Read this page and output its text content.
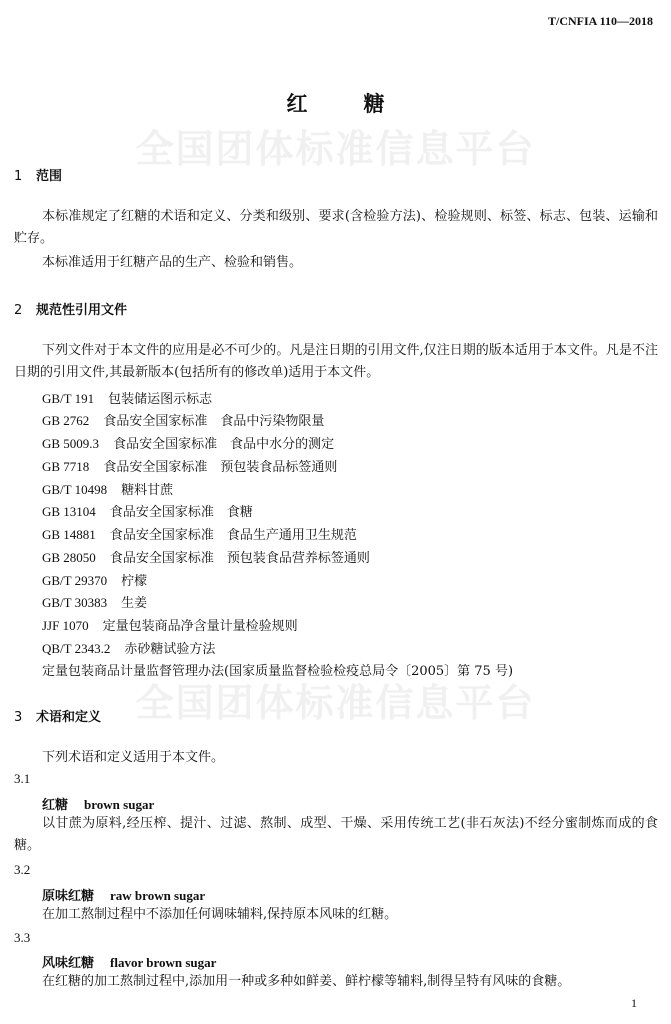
T/CNFIA 110—2018
全国团体标准信息平台
全国团体标准信息平台
红糖
1 范围
本标准规定了红糖的术语和定义、分类和级别、要求(含检验方法)、检验规则、标签、标志、包装、运输和贮存。
本标准适用于红糖产品的生产、检验和销售。
2 规范性引用文件
下列文件对于本文件的应用是必不可少的。凡是注日期的引用文件,仅注日期的版本适用于本文件。凡是不注日期的引用文件,其最新版本(包括所有的修改单)适用于本文件。
GB/T 191 包装储运图示标志
GB 2762 食品安全国家标准　食品中污染物限量
GB 5009.3 食品安全国家标准　食品中水分的测定
GB 7718 食品安全国家标准　预包装食品标签通则
GB/T 10498 糖料甘蔗
GB 13104 食品安全国家标准　食糖
GB 14881 食品安全国家标准　食品生产通用卫生规范
GB 28050 食品安全国家标准　预包装食品营养标签通则
GB/T 29370 柠檬
GB/T 30383 生姜
JJF 1070 定量包装商品净含量计量检验规则
QB/T 2343.2 赤砂糖试验方法
定量包装商品计量监督管理办法(国家质量监督检验检疫总局令〔2005〕第 75 号)
3 术语和定义
下列术语和定义适用于本文件。
3.1
红糖 brown sugar
以甘蔗为原料,经压榨、提汁、过滤、熬制、成型、干燥、采用传统工艺(非石灰法)不经分蜜制炼而成的食糖。
3.2
原味红糖 raw brown sugar
在加工熬制过程中不添加任何调味辅料,保持原本风味的红糖。
3.3
风味红糖 flavor brown sugar
在红糖的加工熬制过程中,添加用一种或多种如鲜姜、鲜柠檬等辅料,制得呈特有风味的食糖。
1
